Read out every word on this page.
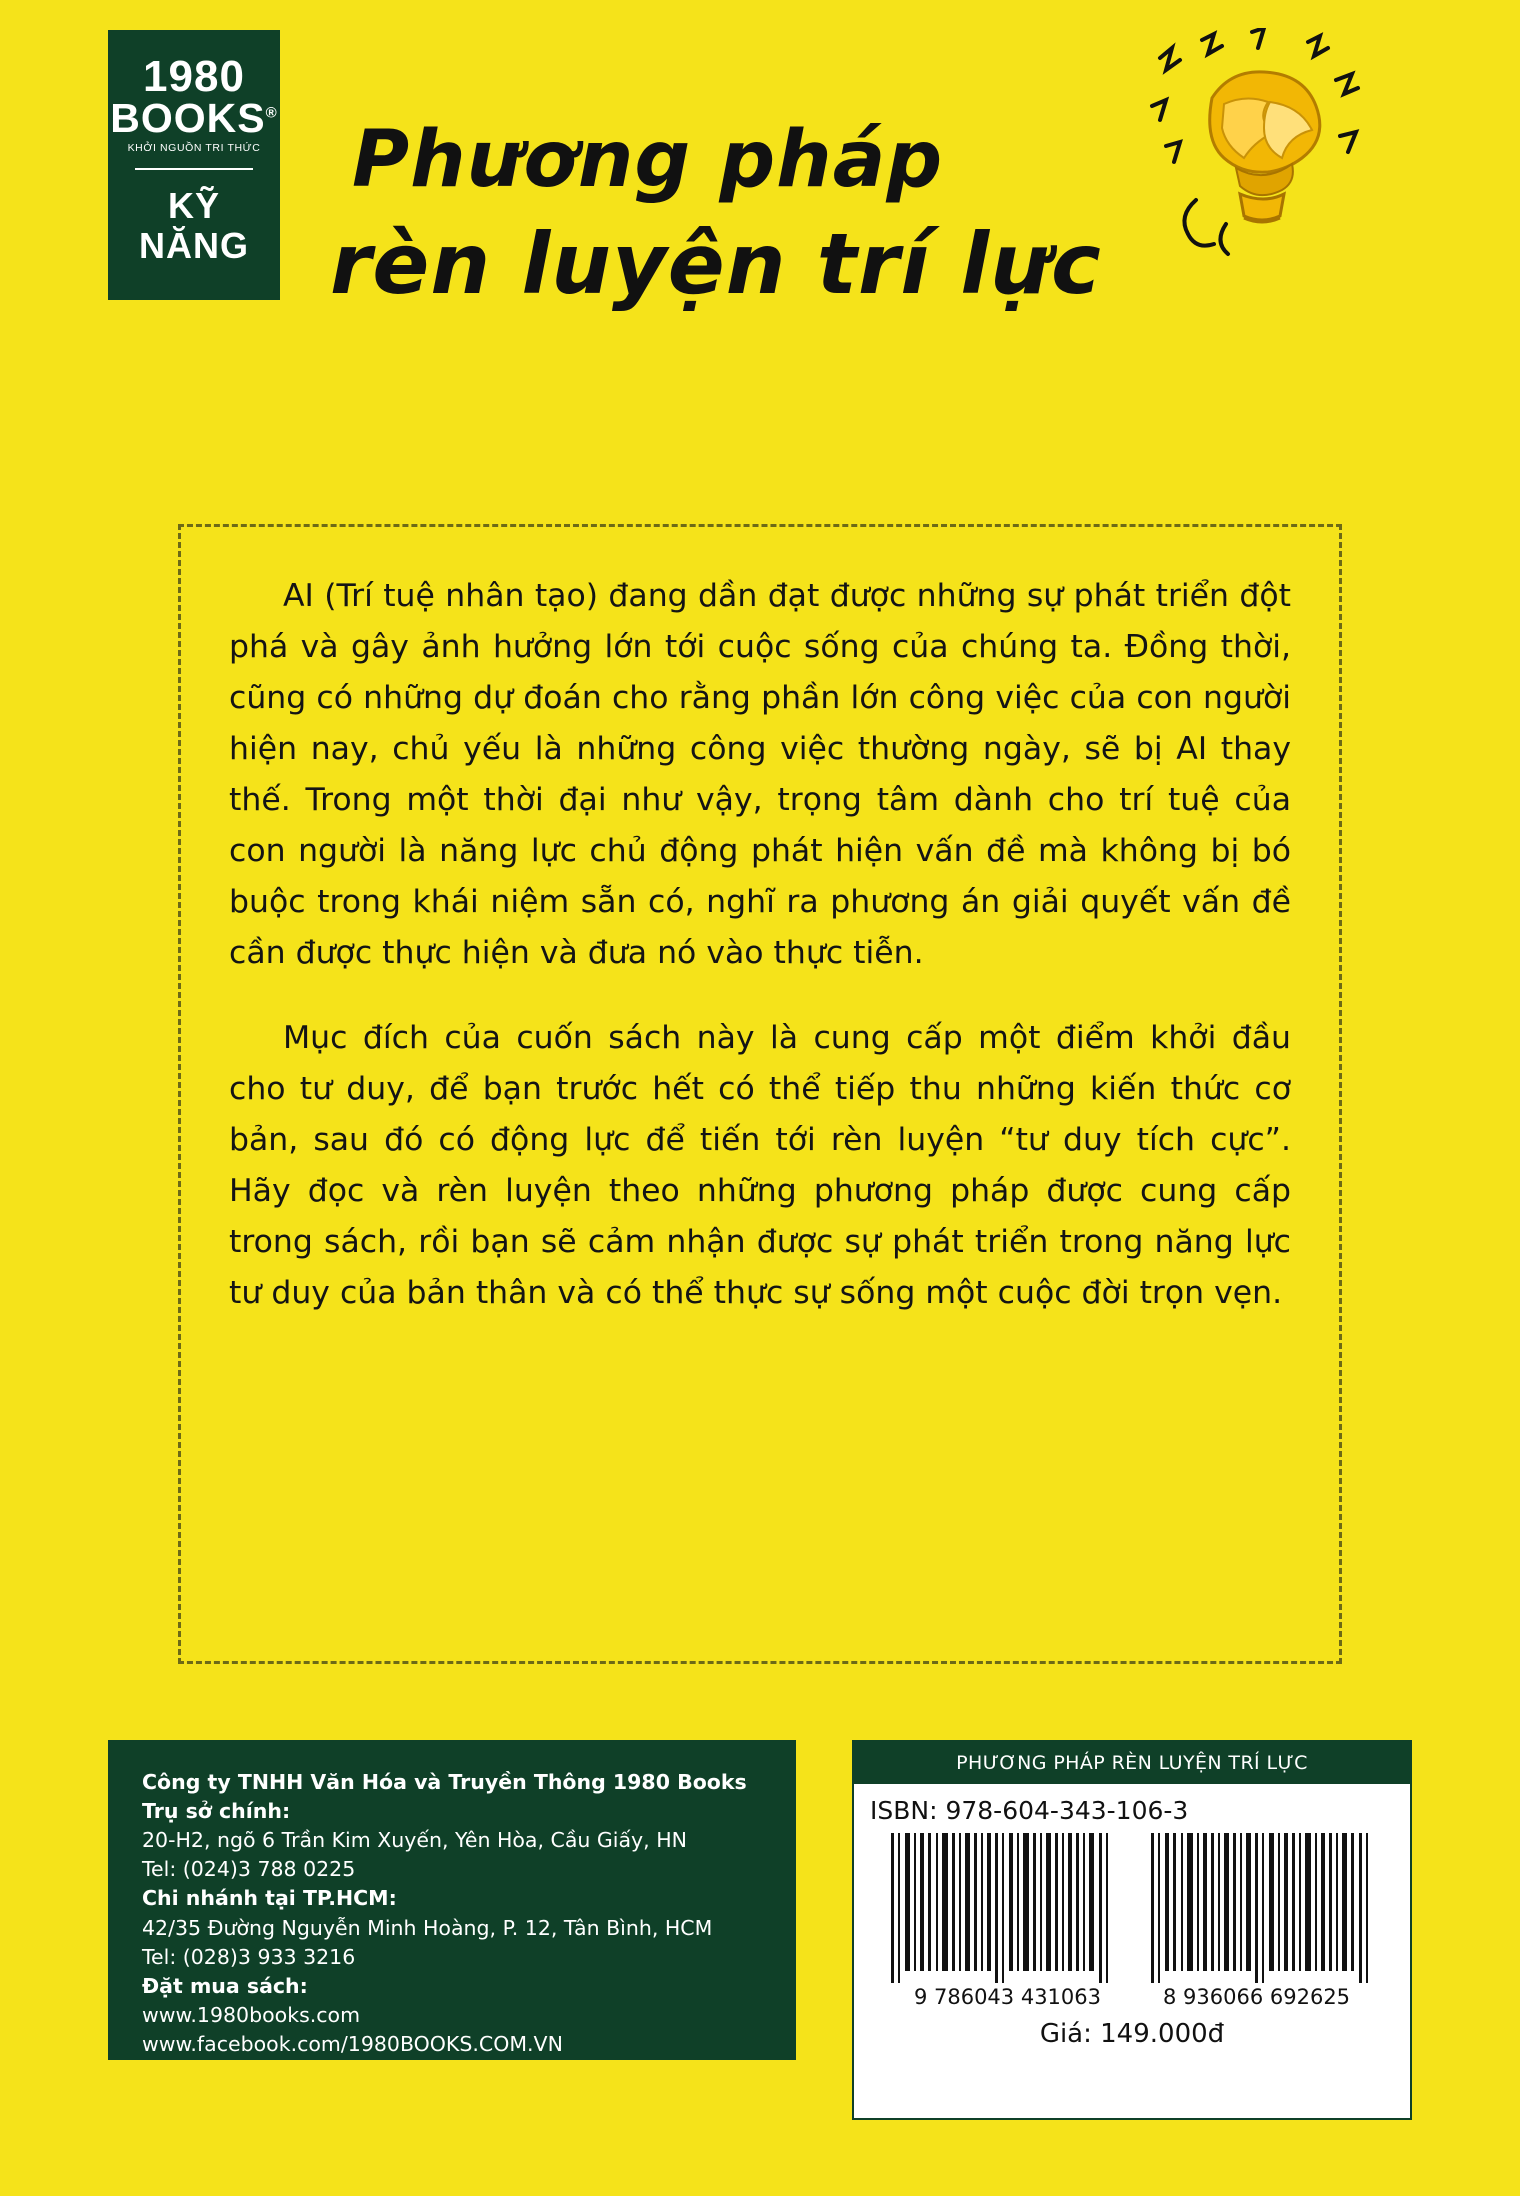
1980
BOOKS®
KHỞI NGUỒN TRI THỨC
KỸ
NĂNG
Phương pháp
rèn luyện trí lực

AI (Trí tuệ nhân tạo) đang dần đạt được những sự phát triển đột phá và gây ảnh hưởng lớn tới cuộc sống của chúng ta. Đồng thời, cũng có những dự đoán cho rằng phần lớn công việc của con người hiện nay, chủ yếu là những công việc thường ngày, sẽ bị AI thay thế. Trong một thời đại như vậy, trọng tâm dành cho trí tuệ của con người là năng lực chủ động phát hiện vấn đề mà không bị bó buộc trong khái niệm sẵn có, nghĩ ra phương án giải quyết vấn đề cần được thực hiện và đưa nó vào thực tiễn.

Mục đích của cuốn sách này là cung cấp một điểm khởi đầu cho tư duy, để bạn trước hết có thể tiếp thu những kiến thức cơ bản, sau đó có động lực để tiến tới rèn luyện “tư duy tích cực”. Hãy đọc và rèn luyện theo những phương pháp được cung cấp trong sách, rồi bạn sẽ cảm nhận được sự phát triển trong năng lực tư duy của bản thân và có thể thực sự sống một cuộc đời trọn vẹn.

Công ty TNHH Văn Hóa và Truyền Thông 1980 Books
Trụ sở chính:
20-H2, ngõ 6 Trần Kim Xuyến, Yên Hòa, Cầu Giấy, HN
Tel: (024)3 788 0225
Chi nhánh tại TP.HCM:
42/35 Đường Nguyễn Minh Hoàng, P. 12, Tân Bình, HCM
Tel: (028)3 933 3216
Đặt mua sách:
www.1980books.com
www.facebook.com/1980BOOKS.COM.VN
PHƯƠNG PHÁP RÈN LUYỆN TRÍ LỰC
ISBN: 978-604-343-106-3
9 786043 431063	8 936066 692625
Giá: 149.000đ
